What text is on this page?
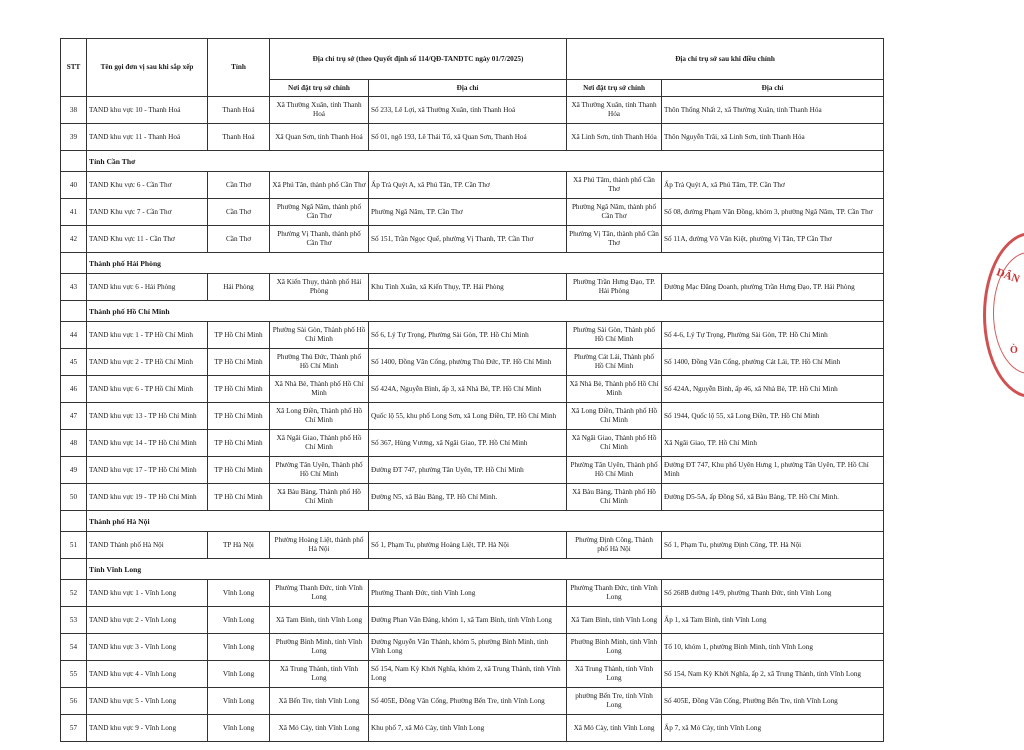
STT	Tên gọi đơn vị sau khi sắp xếp	Tỉnh	Địa chỉ trụ sở (theo Quyết định số 114/QĐ-TANDTC ngày 01/7/2025)		Địa chỉ trụ sở sau khi điều chỉnh	
			Nơi đặt trụ sở chính	Địa chỉ	Nơi đặt trụ sở chính	Địa chỉ
38	TAND khu vực 10 - Thanh Hoá	Thanh Hoá	Xã Thường Xuân, tỉnh Thanh Hoá	Số 233, Lê Lợi, xã Thường Xuân, tỉnh Thanh Hoá	Xã Thường Xuân, tỉnh Thanh Hóa	Thôn Thống Nhất 2, xã Thường Xuân, tỉnh Thanh Hóa
39	TAND khu vực 11 - Thanh Hoá	Thanh Hoá	Xã Quan Sơn, tỉnh Thanh Hoá	Số 01, ngõ 193, Lê Thái Tổ, xã Quan Sơn, Thanh Hoá	Xã Linh Sơn, tỉnh Thanh Hóa	Thôn Nguyễn Trãi, xã Linh Sơn, tỉnh Thanh Hóa
	Tỉnh Cần Thơ					
40	TAND Khu vực 6 - Cần Thơ	Cần Thơ	Xã Phú Tân, thành phố Cần Thơ	Ấp Trà Quýt A, xã Phú Tân, TP. Cần Thơ	Xã Phú Tâm, thành phố Cần Thơ	Ấp Trà Quýt A, xã Phú Tâm, TP. Cần Thơ
41	TAND Khu vực 7 - Cần Thơ	Cần Thơ	Phường Ngã Năm, thành phố Cần Thơ	Phường Ngã Năm, TP. Cần Thơ	Phường Ngã Năm, thành phố Cần Thơ	Số 08, đường Phạm Văn Đồng, khóm 3, phường Ngã Năm, TP. Cần Thơ
42	TAND Khu vực 11 - Cần Thơ	Cần Thơ	Phường Vị Thanh, thành phố Cần Thơ	Số 151, Trần Ngọc Quế, phường Vị Thanh, TP. Cần Thơ	Phường Vị Tân, thành phố Cần Thơ	Số 11A, đường Võ Văn Kiệt, phường Vị Tân, TP Cần Thơ
	Thành phố Hải Phòng					
43	TAND khu vực 6 - Hải Phòng	Hải Phòng	Xã Kiến Thụy, thành phố Hải Phòng	Khu Tỉnh Xuân, xã Kiến Thụy, TP. Hải Phòng	Phường Trần Hưng Đạo, TP. Hải Phòng	Đường Mạc Đăng Doanh, phường Trần Hưng Đạo, TP. Hải Phòng
	Thành phố Hồ Chí Minh					
44	TAND khu vực 1 - TP Hồ Chí Minh	TP Hồ Chí Minh	Phường Sài Gòn, Thành phố Hồ Chí Minh	Số 6, Lý Tự Trọng, Phường Sài Gòn, TP. Hồ Chí Minh	Phường Sài Gòn, Thành phố Hồ Chí Minh	Số 4-6, Lý Tự Trọng, Phường Sài Gòn, TP. Hồ Chí Minh
45	TAND khu vực 2 - TP Hồ Chí Minh	TP Hồ Chí Minh	Phường Thủ Đức, Thành phố Hồ Chí Minh	Số 1400, Đồng Văn Cống, phường Thủ Đức, TP. Hồ Chí Minh	Phường Cát Lái, Thành phố Hồ Chí Minh	Số 1400, Đồng Văn Cống, phường Cát Lái, TP. Hồ Chí Minh
46	TAND khu vực 6 - TP Hồ Chí Minh	TP Hồ Chí Minh	Xã Nhà Bè, Thành phố Hồ Chí Minh	Số 424A, Nguyễn Bình, ấp 3, xã Nhà Bè, TP. Hồ Chí Minh	Xã Nhà Bè, Thành phố Hồ Chí Minh	Số 424A, Nguyễn Bình, ấp 46, xã Nhà Bè, TP. Hồ Chí Minh
47	TAND khu vực 13 - TP Hồ Chí Minh	TP Hồ Chí Minh	Xã Long Điền, Thành phố Hồ Chí Minh	Quốc lộ 55, khu phố Long Sơn, xã Long Điền, TP. Hồ Chí Minh	Xã Long Điền, Thành phố Hồ Chí Minh	Số 1944, Quốc lộ 55, xã Long Điền, TP. Hồ Chí Minh
48	TAND khu vực 14 - TP Hồ Chí Minh	TP Hồ Chí Minh	Xã Ngãi Giao, Thành phố Hồ Chí Minh	Số 367, Hùng Vương, xã Ngãi Giao, TP. Hồ Chí Minh	Xã Ngãi Giao, Thành phố Hồ Chí Minh	Xã Ngãi Giao, TP. Hồ Chí Minh
49	TAND khu vực 17 - TP Hồ Chí Minh	TP Hồ Chí Minh	Phường Tân Uyên, Thành phố Hồ Chí Minh	Đường ĐT 747, phường Tân Uyên, TP. Hồ Chí Minh	Phường Tân Uyên, Thành phố Hồ Chí Minh	Đường ĐT 747, Khu phố Uyên Hưng 1, phường Tân Uyên, TP. Hồ Chí Minh
50	TAND khu vực 19 - TP Hồ Chí Minh	TP Hồ Chí Minh	Xã Bàu Bàng, Thành phố Hồ Chí Minh	Đường N5, xã Bàu Bàng, TP. Hồ Chí Minh.	Xã Bàu Bàng, Thành phố Hồ Chí Minh	Đường D5-5A, ấp Đồng Sổ, xã Bàu Bàng, TP. Hồ Chí Minh.
	Thành phố Hà Nội					
51	TAND Thành phố Hà Nội	TP Hà Nội	Phường Hoàng Liệt, thành phố Hà Nội	Số 1, Phạm Tu, phường Hoàng Liệt, TP. Hà Nội	Phường Định Công, Thành phố Hà Nội	Số 1, Phạm Tu, phường Định Công, TP. Hà Nội
	Tỉnh Vĩnh Long					
52	TAND khu vực 1 - Vĩnh Long	Vĩnh Long	Phường Thanh Đức, tỉnh Vĩnh Long	Phường Thanh Đức, tỉnh Vĩnh Long	Phường Thanh Đức, tỉnh Vĩnh Long	Số 268B đường 14/9, phường Thanh Đức, tỉnh Vĩnh Long
53	TAND khu vực 2 - Vĩnh Long	Vĩnh Long	Xã Tam Bình, tỉnh Vĩnh Long	Đường Phan Văn Đáng, khóm 1, xã Tam Bình, tỉnh Vĩnh Long	Xã Tam Bình, tỉnh Vĩnh Long	Ấp 1, xã Tam Bình, tỉnh Vĩnh Long
54	TAND khu vực 3 - Vĩnh Long	Vĩnh Long	Phường Bình Minh, tỉnh Vĩnh Long	Đường Nguyễn Văn Thảnh, khóm 5, phường Bình Minh, tỉnh Vĩnh Long	Phường Bình Minh, tỉnh Vĩnh Long	Tổ 10, khóm 1, phường Bình Minh, tỉnh Vĩnh Long
55	TAND khu vực 4 - Vĩnh Long	Vĩnh Long	Xã Trung Thành, tỉnh Vĩnh Long	Số 154, Nam Kỳ Khởi Nghĩa, khóm 2, xã Trung Thành, tỉnh Vĩnh Long	Xã Trung Thành, tỉnh Vĩnh Long	Số 154, Nam Kỳ Khởi Nghĩa, ấp 2, xã Trung Thành, tỉnh Vĩnh Long
56	TAND khu vực 5 - Vĩnh Long	Vĩnh Long	Xã Bến Tre, tỉnh Vĩnh Long	Số 405E, Đồng Văn Cống, Phường Bến Tre, tỉnh Vĩnh Long	phường Bến Tre, tỉnh Vĩnh Long	Số 405E, Đồng Văn Cống, Phường Bến Tre, tỉnh Vĩnh Long
57	TAND khu vực 9 - Vĩnh Long	Vĩnh Long	Xã Mỏ Cày, tỉnh Vĩnh Long	Khu phố 7, xã Mỏ Cày, tỉnh Vĩnh Long	Xã Mỏ Cày, tỉnh Vĩnh Long	Ấp 7, xã Mỏ Cày, tỉnh Vĩnh Long
DÂN
Ò
